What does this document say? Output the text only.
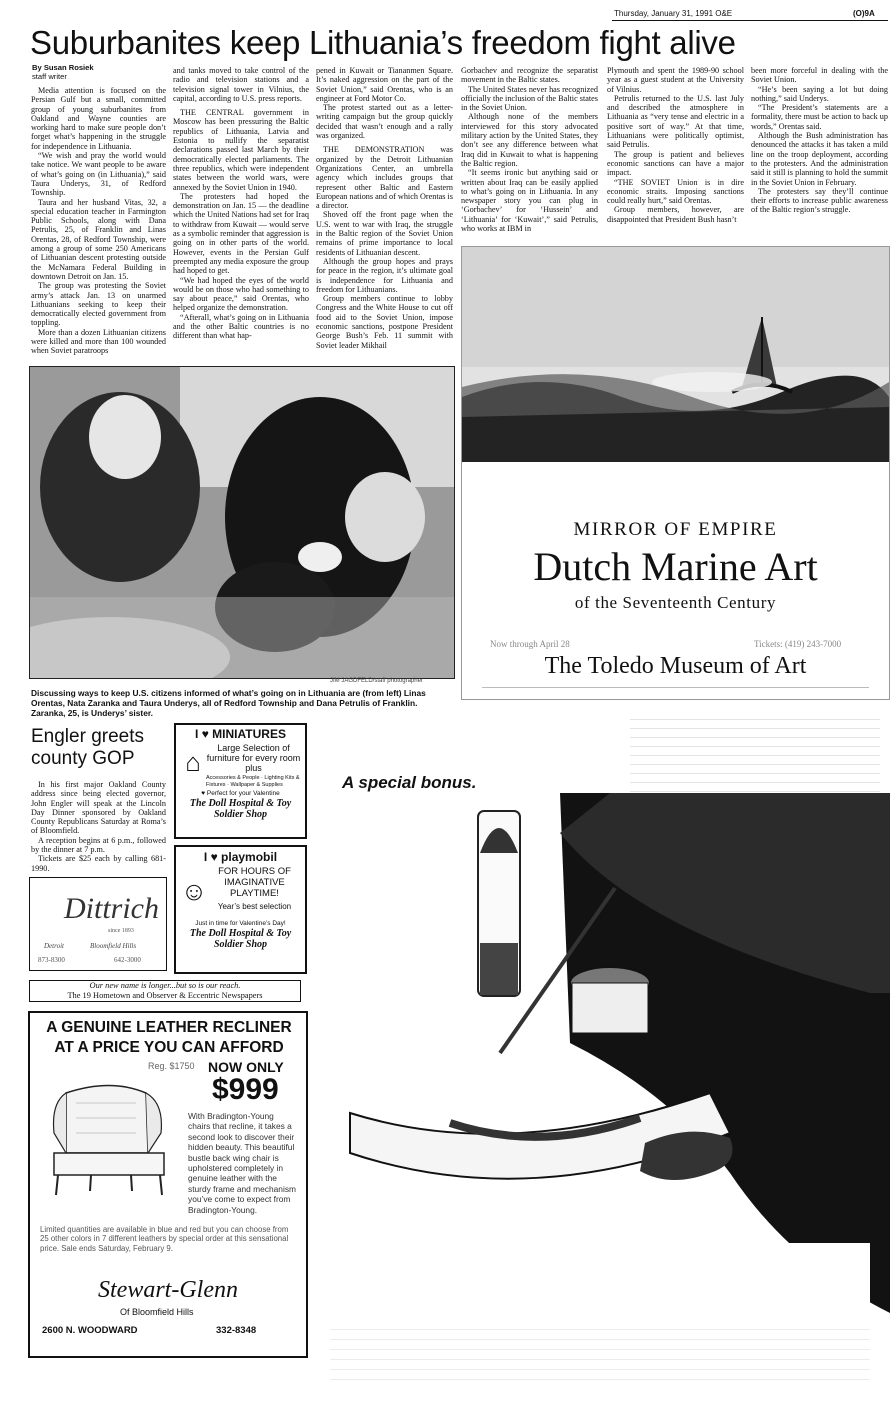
Thursday, January 31, 1991 O&E	(O)9A
Suburbanites keep Lithuania’s freedom fight alive
By Susan Rosiek
staff writer

Media attention is focused on the Persian Gulf but a small, committed group of young suburbanites from Oakland and Wayne counties are working hard to make sure people don’t forget what’s happening in the struggle for independence in Lithuania.

“We wish and pray the world would take notice. We want people to be aware of what’s going on (in Lithuania),” said Taura Underys, 31, of Redford Township.

Taura and her husband Vitas, 32, a special education teacher in Farmington Public Schools, along with Dana Petrulis, 25, of Franklin and Linas Orentas, 28, of Redford Township, were among a group of some 250 Americans of Lithuanian descent protesting outside the McNamara Federal Building in downtown Detroit on Jan. 15.

The group was protesting the Soviet army’s attack Jan. 13 on unarmed Lithuanians seeking to keep their democratically elected government from toppling.

More than a dozen Lithuanian citizens were killed and more than 100 wounded when Soviet paratroops

and tanks moved to take control of the radio and television stations and a television signal tower in Vilnius, the capital, according to U.S. press reports.

THE CENTRAL government in Moscow has been pressuring the Baltic republics of Lithuania, Latvia and Estonia to nullify the separatist declarations passed last March by their democratically elected parliaments. The three republics, which were independent states between the world wars, were annexed by the Soviet Union in 1940.

The protesters had hoped the demonstration on Jan. 15 — the deadline which the United Nations had set for Iraq to withdraw from Kuwait — would serve as a symbolic reminder that aggression is going on in other parts of the world. However, events in the Persian Gulf preempted any media exposure the group had hoped to get.

“We had hoped the eyes of the world would be on those who had something to say about peace,” said Orentas, who helped organize the demonstration.

“Afterall, what’s going on in Lithuania and the other Baltic countries is no different than what hap-

pened in Kuwait or Tiananmen Square. It’s naked aggression on the part of the Soviet Union,” said Orentas, who is an engineer at Ford Motor Co.

The protest started out as a letter-writing campaign but the group quickly decided that wasn’t enough and a rally was organized.

THE DEMONSTRATION was organized by the Detroit Lithuanian Organizations Center, an umbrella agency which includes groups that represent other Baltic and Eastern European nations and of which Orentas is a director.

Shoved off the front page when the U.S. went to war with Iraq, the struggle in the Baltic region of the Soviet Union remains of prime importance to local residents of Lithuanian descent.

Although the group hopes and prays for peace in the region, it’s ultimate goal is independence for Lithuania and freedom for Lithuanians.

Group members continue to lobby Congress and the White House to cut off food aid to the Soviet Union, impose economic sanctions, postpone President George Bush’s Feb. 11 summit with Soviet leader Mikhail

Gorbachev and recognize the separatist movement in the Baltic states.

The United States never has recognized officially the inclusion of the Baltic states in the Soviet Union.

Although none of the members interviewed for this story advocated military action by the United States, they don’t see any difference between what Iraq did in Kuwait to what is happening the Baltic region.

“It seems ironic but anything said or written about Iraq can be easily applied to what’s going on in Lithuania. In any newspaper story you can plug in ‘Gorbachev’ for ‘Hussein’ and ‘Lithuania’ for ‘Kuwait’,” said Petrulis, who works at IBM in

Plymouth and spent the 1989-90 school year as a guest student at the University of Vilnius.

Petrulis returned to the U.S. last July and described the atmosphere in Lithuania as “very tense and electric in a positive sort of way.” At that time, Lithuanians were politically optimist, said Petrulis.

The group is patient and believes economic sanctions can have a major impact.

“THE SOVIET Union is in dire economic straits. Imposing sanctions could really hurt,” said Orentas.

Group members, however, are disappointed that President Bush hasn’t

been more forceful in dealing with the Soviet Union.

“He’s been saying a lot but doing nothing,” said Underys.

“The President’s statements are a formality, there must be action to back up words,” Orentas said.

Although the Bush administration has denounced the attacks it has taken a mild line on the troop deployment, according to the protesters. And the administration said it still is planning to hold the summit in the Soviet Union in February.

The protesters say they’ll continue their efforts to increase public awareness of the Baltic region’s struggle.

JIM JAGDFELD/staff photographer
Discussing ways to keep U.S. citizens informed of what’s going on in Lithuania are (from left) Linas Orentas, Nata Zaranka and Taura Underys, all of Redford Township and Dana Petrulis of Franklin. Zaranka, 25, is Underys’ sister.
Engler greets county GOP

In his first major Oakland County address since being elected governor, John Engler will speak at the Lincoln Day Dinner sponsored by Oakland County Republicans Saturday at Roma’s of Bloomfield.

A reception begins at 6 p.m., followed by the dinner at 7 p.m.

Tickets are $25 each by calling 681-1990.

Dittrich
since 1893
Detroit	Bloomfield Hills
873-8300	642-3000
I ♥ MINIATURES
⌂	Large Selection of furniture for every room plus
Accessories & People · Lighting Kits & Fixtures · Wallpaper & Supplies
♥ Perfect for your Valentine
The Doll Hospital & Toy Soldier Shop
I ♥ playmobil
☺
FOR HOURS OF IMAGINATIVE PLAYTIME!
Year’s best selection
Just in time for Valentine’s Day!
The Doll Hospital & Toy Soldier Shop
Our new name is longer...but so is our reach.
The 19 Hometown and Observer & Eccentric Newspapers
A GENUINE LEATHER RECLINER
AT A PRICE YOU CAN AFFORD
Reg. $1750 NOW ONLY
$999
With Bradington-Young chairs that recline, it takes a second look to discover their hidden beauty. This beautiful bustle back wing chair is upholstered completely in genuine leather with the sturdy frame and mechanism you’ve come to expect from Bradington-Young.
Limited quantities are available in blue and red but you can choose from 25 other colors in 7 different leathers by special order at this sensational price. Sale ends Saturday, February 9.
Stewart-Glenn
Of Bloomfield Hills
2600 N. WOODWARD	332-8348
MIRROR OF EMPIRE
Dutch Marine Art
of the Seventeenth Century
Now through April 28	Tickets: (419) 243-7000
The Toledo Museum of Art
A special bonus.
